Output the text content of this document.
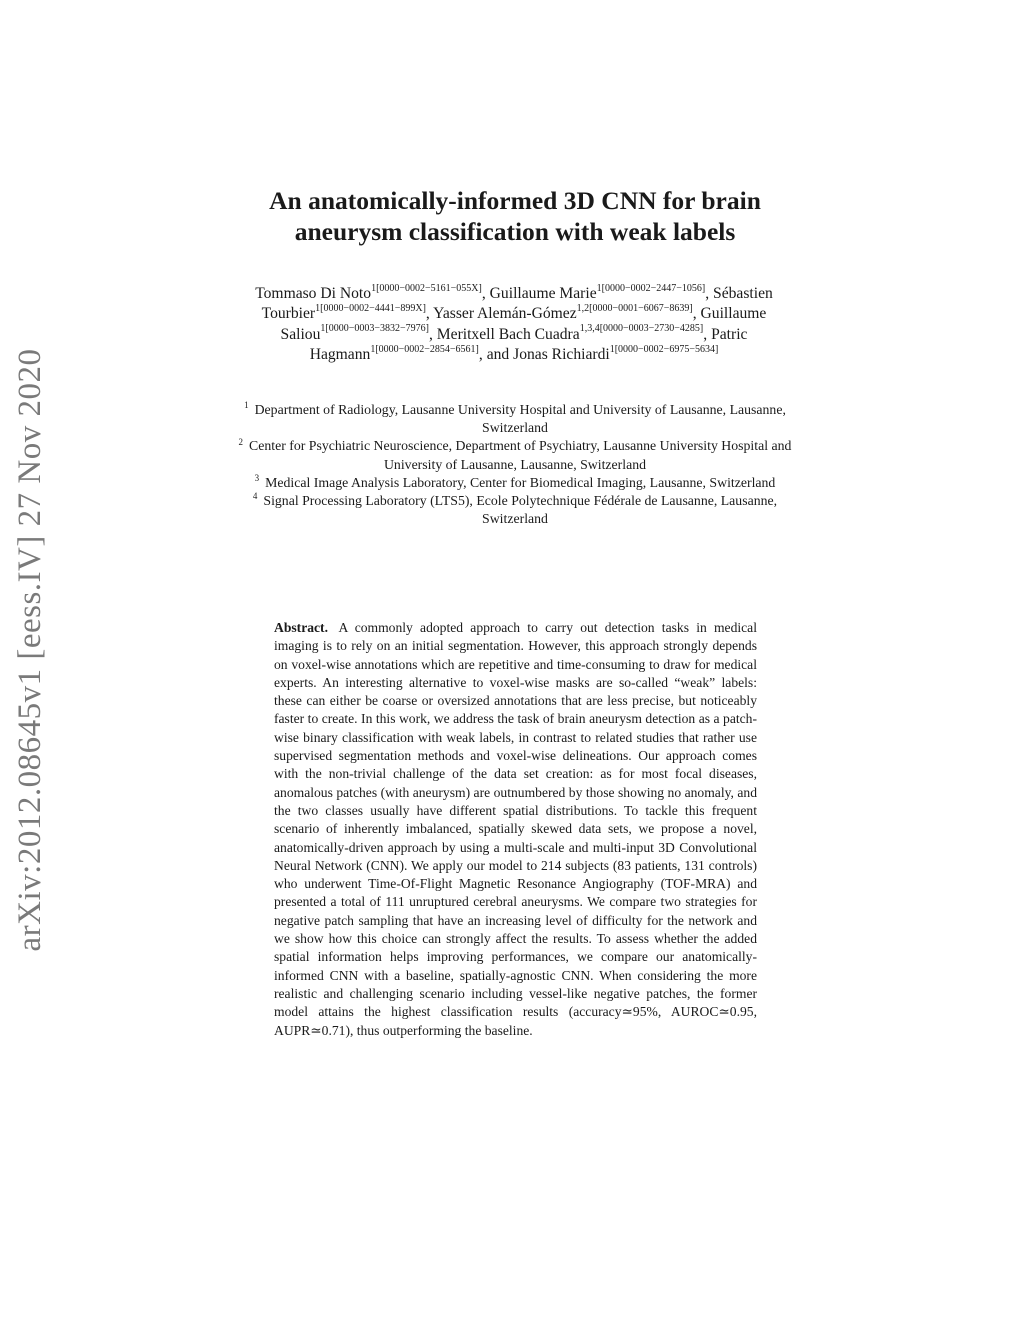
arXiv:2012.08645v1 [eess.IV] 27 Nov 2020
An anatomically-informed 3D CNN for brain
aneurysm classification with weak labels
Tommaso Di Noto$^{1[0000-0002-5161-055X]}$, Guillaume Marie$^{1[0000-0002-2447-1056]}$, Sébastien Tourbier$^{1[0000-0002-4441-899X]}$, Yasser Alemán-Gómez$^{1,2[0000-0001-6067-8639]}$, Guillaume Saliou$^{1[0000-0003-3832-7976]}$, Meritxell Bach Cuadra$^{1,3,4[0000-0003-2730-4285]}$, Patric Hagmann$^{1[0000-0002-2854-6561]}$, and Jonas Richiardi$^{1[0000-0002-6975-5634]}$

$^1$ Department of Radiology, Lausanne University Hospital and University of Lausanne, Lausanne, Switzerland

$^2$ Center for Psychiatric Neuroscience, Department of Psychiatry, Lausanne University Hospital and University of Lausanne, Lausanne, Switzerland

$^3$ Medical Image Analysis Laboratory, Center for Biomedical Imaging, Lausanne, Switzerland

$^4$ Signal Processing Laboratory (LTS5), Ecole Polytechnique Fédérale de Lausanne, Lausanne, Switzerland

Abstract. A commonly adopted approach to carry out detection tasks in medical imaging is to rely on an initial segmentation. However, this approach strongly depends on voxel-wise annotations which are repetitive and time-consuming to draw for medical experts. An interesting alternative to voxel-wise masks are so-called “weak” labels: these can either be coarse or oversized annotations that are less precise, but noticeably faster to create. In this work, we address the task of brain aneurysm detection as a patch-wise binary classification with weak labels, in contrast to related studies that rather use supervised segmentation methods and voxel-wise delineations. Our approach comes with the non-trivial challenge of the data set creation: as for most focal diseases, anomalous patches (with aneurysm) are outnumbered by those showing no anomaly, and the two classes usually have different spatial distributions. To tackle this frequent scenario of inherently imbalanced, spatially skewed data sets, we propose a novel, anatomically-driven approach by using a multi-scale and multi-input 3D Convolutional Neural Network (CNN). We apply our model to 214 subjects (83 patients, 131 controls) who underwent Time-Of-Flight Magnetic Resonance Angiography (TOF-MRA) and presented a total of 111 unruptured cerebral aneurysms. We compare two strategies for negative patch sampling that have an increasing level of difficulty for the network and we show how this choice can strongly affect the results. To assess whether the added spatial information helps improving performances, we compare our anatomically-informed CNN with a baseline, spatially-agnostic CNN. When considering the more realistic and challenging scenario including vessel-like negative patches, the former model attains the highest classification results (accuracy≃95%, AUROC≃0.95, AUPR≃0.71), thus outperforming the baseline.
